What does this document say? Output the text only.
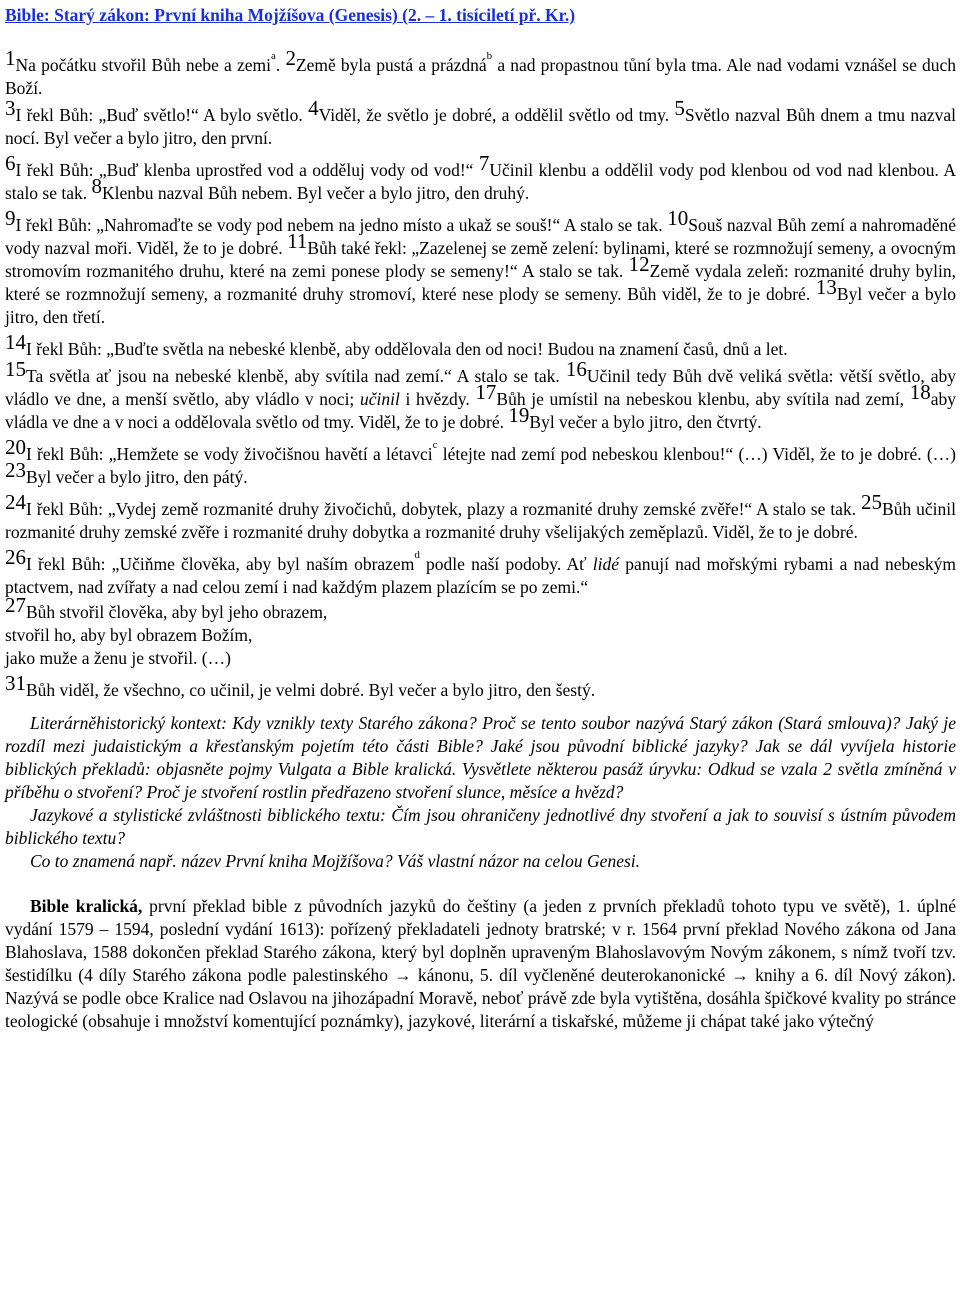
Bible: Starý zákon: První kniha Mojžíšova (Genesis) (2. – 1. tisíciletí př. Kr.)

1Na počátku stvořil Bůh nebe a zemi$^a$. 2Země byla pustá a prázdná$^b$ a nad propastnou tůní byla tma. Ale nad vodami vznášel se duch Boží.

3I řekl Bůh: „Buď světlo!“ A bylo světlo. 4Viděl, že světlo je dobré, a oddělil světlo od tmy. 5Světlo nazval Bůh dnem a tmu nazval nocí. Byl večer a bylo jitro, den první.

6I řekl Bůh: „Buď klenba uprostřed vod a odděluj vody od vod!“ 7Učinil klenbu a oddělil vody pod klenbou od vod nad klenbou. A stalo se tak. 8Klenbu nazval Bůh nebem. Byl večer a bylo jitro, den druhý.

9I řekl Bůh: „Nahromaďte se vody pod nebem na jedno místo a ukaž se souš!“ A stalo se tak. 10Souš nazval Bůh zemí a nahromaděné vody nazval moři. Viděl, že to je dobré. 11Bůh také řekl: „Zazelenej se země zelení: bylinami, které se rozmnožují semeny, a ovocným stromovím rozmanitého druhu, které na zemi ponese plody se semeny!“ A stalo se tak. 12Země vydala zeleň: rozmanité druhy bylin, které se rozmnožují semeny, a rozmanité druhy stromoví, které nese plody se semeny. Bůh viděl, že to je dobré. 13Byl večer a bylo jitro, den třetí.

14I řekl Bůh: „Buďte světla na nebeské klenbě, aby oddělovala den od noci! Budou na znamení časů, dnů a let.

15Ta světla ať jsou na nebeské klenbě, aby svítila nad zemí.“ A stalo se tak. 16Učinil tedy Bůh dvě veliká světla: větší světlo, aby vládlo ve dne, a menší světlo, aby vládlo v noci; učinil i hvězdy. 17Bůh je umístil na nebeskou klenbu, aby svítila nad zemí, 18aby vládla ve dne a v noci a oddělovala světlo od tmy. Viděl, že to je dobré. 19Byl večer a bylo jitro, den čtvrtý.

20I řekl Bůh: „Hemžete se vody živočišnou havětí a létavci$^c$ létejte nad zemí pod nebeskou klenbou!“ (…) Viděl, že to je dobré. (…) 23Byl večer a bylo jitro, den pátý.

24I řekl Bůh: „Vydej země rozmanité druhy živočichů, dobytek, plazy a rozmanité druhy zemské zvěře!“ A stalo se tak. 25Bůh učinil rozmanité druhy zemské zvěře i rozmanité druhy dobytka a rozmanité druhy všelijakých zeměplazů. Viděl, že to je dobré.

26I řekl Bůh: „Učiňme člověka, aby byl naším obrazem$^d$ podle naší podoby. Ať lidé panují nad mořskými rybami a nad nebeským ptactvem, nad zvířaty a nad celou zemí i nad každým plazem plazícím se po zemi.“

27Bůh stvořil člověka, aby byl jeho obrazem,
stvořil ho, aby byl obrazem Božím,
jako muže a ženu je stvořil. (…)

31Bůh viděl, že všechno, co učinil, je velmi dobré. Byl večer a bylo jitro, den šestý.

Literárněhistorický kontext: Kdy vznikly texty Starého zákona? Proč se tento soubor nazývá Starý zákon (Stará smlouva)? Jaký je rozdíl mezi judaistickým a křesťanským pojetím této části Bible? Jaké jsou původní biblické jazyky? Jak se dál vyvíjela historie biblických překladů: objasněte pojmy Vulgata a Bible kralická. Vysvětlete některou pasáž úryvku: Odkud se vzala 2 světla zmíněná v příběhu o stvoření? Proč je stvoření rostlin předřazeno stvoření slunce, měsíce a hvězd?

Jazykové a stylistické zvláštnosti biblického textu: Čím jsou ohraničeny jednotlivé dny stvoření a jak to souvisí s ústním původem biblického textu?

Co to znamená např. název První kniha Mojžíšova? Váš vlastní názor na celou Genesi.

Bible kralická, první překlad bible z původních jazyků do češtiny (a jeden z prvních překladů tohoto typu ve světě), 1. úplné vydání 1579 – 1594, poslední vydání 1613): pořízený překladateli jednoty bratrské; v r. 1564 první překlad Nového zákona od Jana Blahoslava, 1588 dokončen překlad Starého zákona, který byl doplněn upraveným Blahoslavovým Novým zákonem, s nímž tvoří tzv. šestidílku (4 díly Starého zákona podle palestinského → kánonu, 5. díl vyčleněné deuterokanonické → knihy a 6. díl Nový zákon). Nazývá se podle obce Kralice nad Oslavou na jihozápadní Moravě, neboť právě zde byla vytištěna, dosáhla špičkové kvality po stránce teologické (obsahuje i množství komentující poznámky), jazykové, literární a tiskařské, můžeme ji chápat také jako výtečný
